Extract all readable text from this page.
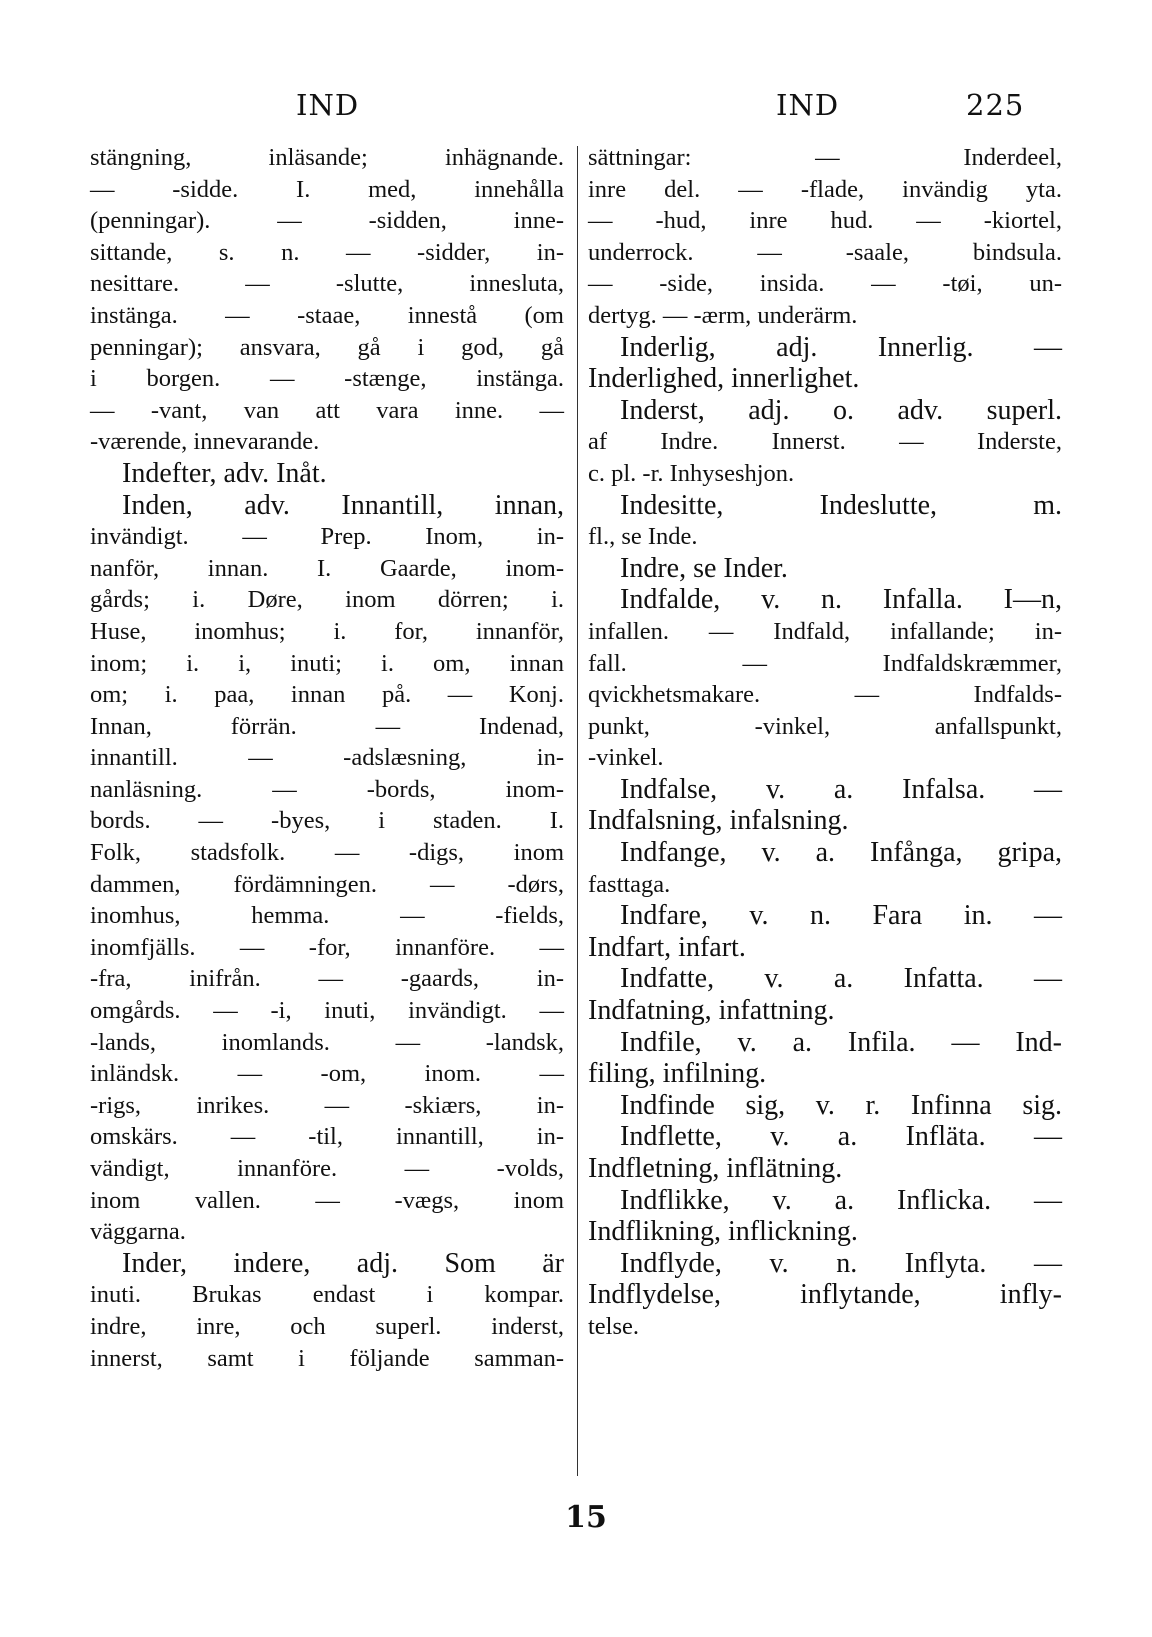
IND	IND	225
stängning, inläsande; inhägnande.
— -sidde. I. med, innehålla
(penningar). — -sidden, inne-
sittande, s. n. — -sidder, in-
nesittare. — -slutte, innesluta,
instänga. — -staae, innestå (om
penningar); ansvara, gå i god, gå
i borgen. — -stænge, instänga.
— -vant, van att vara inne. —
-værende, innevarande.
Indefter, adv. Inåt.
Inden, adv. Innantill, innan,
invändigt. — Prep. Inom, in-
nanför, innan. I. Gaarde, inom-
gårds; i. Døre, inom dörren; i.
Huse, inomhus; i. for, innanför,
inom; i. i, inuti; i. om, innan
om; i. paa, innan på. — Konj.
Innan, förrän. — Indenad,
innantill. — -adslæsning, in-
nanläsning. — -bords, inom-
bords. — -byes, i staden. I.
Folk, stadsfolk. — -digs, inom
dammen, fördämningen. — -dørs,
inomhus, hemma. — -fields,
inomfjälls. — -for, innanföre. —
-fra, inifrån. — -gaards, in-
omgårds. — -i, inuti, invändigt. —
-lands, inomlands. — -landsk,
inländsk. — -om, inom. —
-rigs, inrikes. — -skiærs, in-
omskärs. — -til, innantill, in-
vändigt, innanföre. — -volds,
inom vallen. — -vægs, inom
väggarna.
Inder, indere, adj. Som är
inuti. Brukas endast i kompar.
indre, inre, och superl. inderst,
innerst, samt i följande samman-
sättningar: — Inderdeel,
inre del. — -flade, invändig yta.
— -hud, inre hud. — -kiortel,
underrock. — -saale, bindsula.
— -side, insida. — -tøi, un-
dertyg. — -ærm, underärm.
Inderlig, adj. Innerlig. —
Inderlighed, innerlighet.
Inderst, adj. o. adv. superl.
af Indre. Innerst. — Inderste,
c. pl. -r. Inhyseshjon.
Indesitte, Indeslutte, m.
fl., se Inde.
Indre, se Inder.
Indfalde, v. n. Infalla. I—n,
infallen. — Indfald, infallande; in-
fall. — Indfaldskræmmer,
qvickhetsmakare. — Indfalds-
punkt, -vinkel, anfallspunkt,
-vinkel.
Indfalse, v. a. Infalsa. —
Indfalsning, infalsning.
Indfange, v. a. Infånga, gripa,
fasttaga.
Indfare, v. n. Fara in. —
Indfart, infart.
Indfatte, v. a. Infatta. —
Indfatning, infattning.
Indfile, v. a. Infila. — Ind-
filing, infilning.
Indfinde sig, v. r. Infinna sig.
Indflette, v. a. Infläta. —
Indfletning, inflätning.
Indflikke, v. a. Inflicka. —
Indflikning, inflickning.
Indflyde, v. n. Inflyta. —
Indflydelse, inflytande, infly-
telse.
15
